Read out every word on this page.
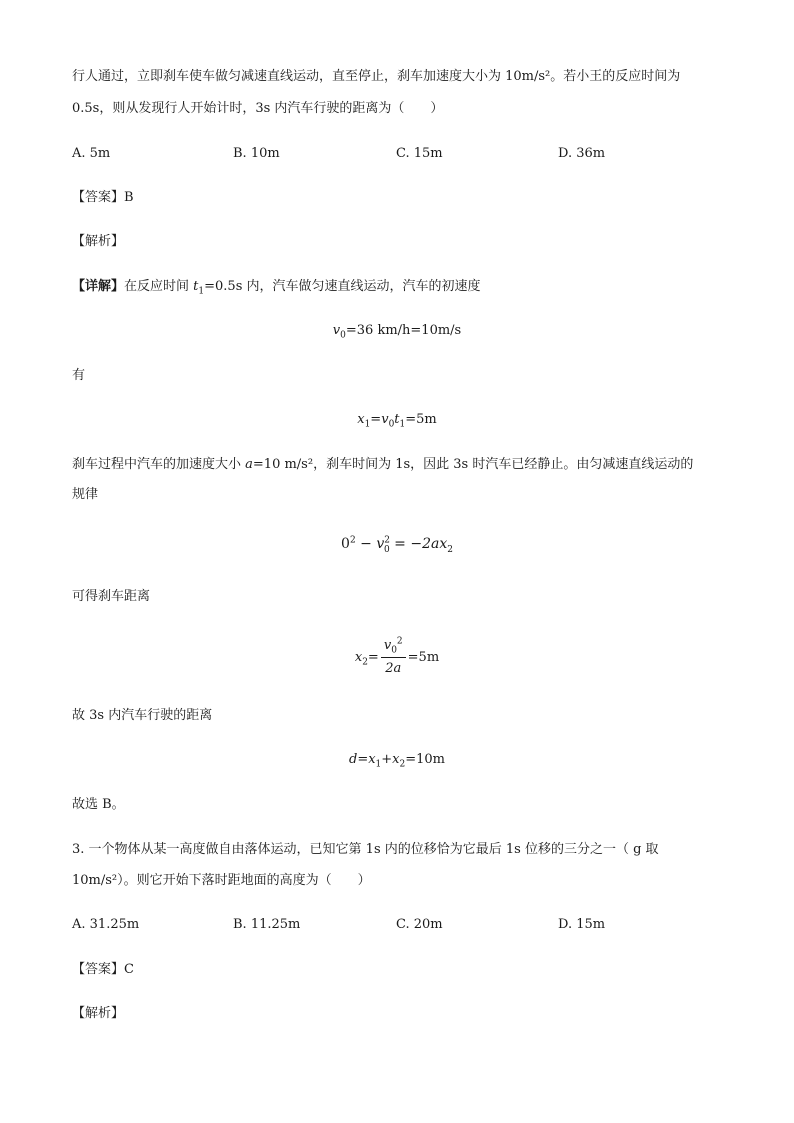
行人通过，立即刹车使车做匀减速直线运动，直至停止，刹车加速度大小为 10m/s²。若小王的反应时间为
0.5s，则从发现行人开始计时，3s 内汽车行驶的距离为（　　）
A. 5m	B. 10m	C. 15m	D. 36m
【答案】B
【解析】
【详解】在反应时间 $t_1=0.5s$ 内，汽车做匀速直线运动，汽车的初速度
$v_0=36$ km/h=10m/s
有
$x_1=v_0t_1=5m$
刹车过程中汽车的加速度大小 a=10 m/s²，刹车时间为 1s，因此 3s 时汽车已经静止。由匀减速直线运动的
规律
$0^2 - v^2_0 = -2ax_2$
可得刹车距离
$x_2= \frac{v_0^2}{2a} =5m$
故 3s 内汽车行驶的距离
$d=x_1+x_2=10m$
故选 B。
3. 一个物体从某一高度做自由落体运动，已知它第 1s 内的位移恰为它最后 1s 位移的三分之一（ g 取
10m/s²）。则它开始下落时距地面的高度为（　　）
A. 31.25m	B. 11.25m	C. 20m	D. 15m
【答案】C
【解析】
